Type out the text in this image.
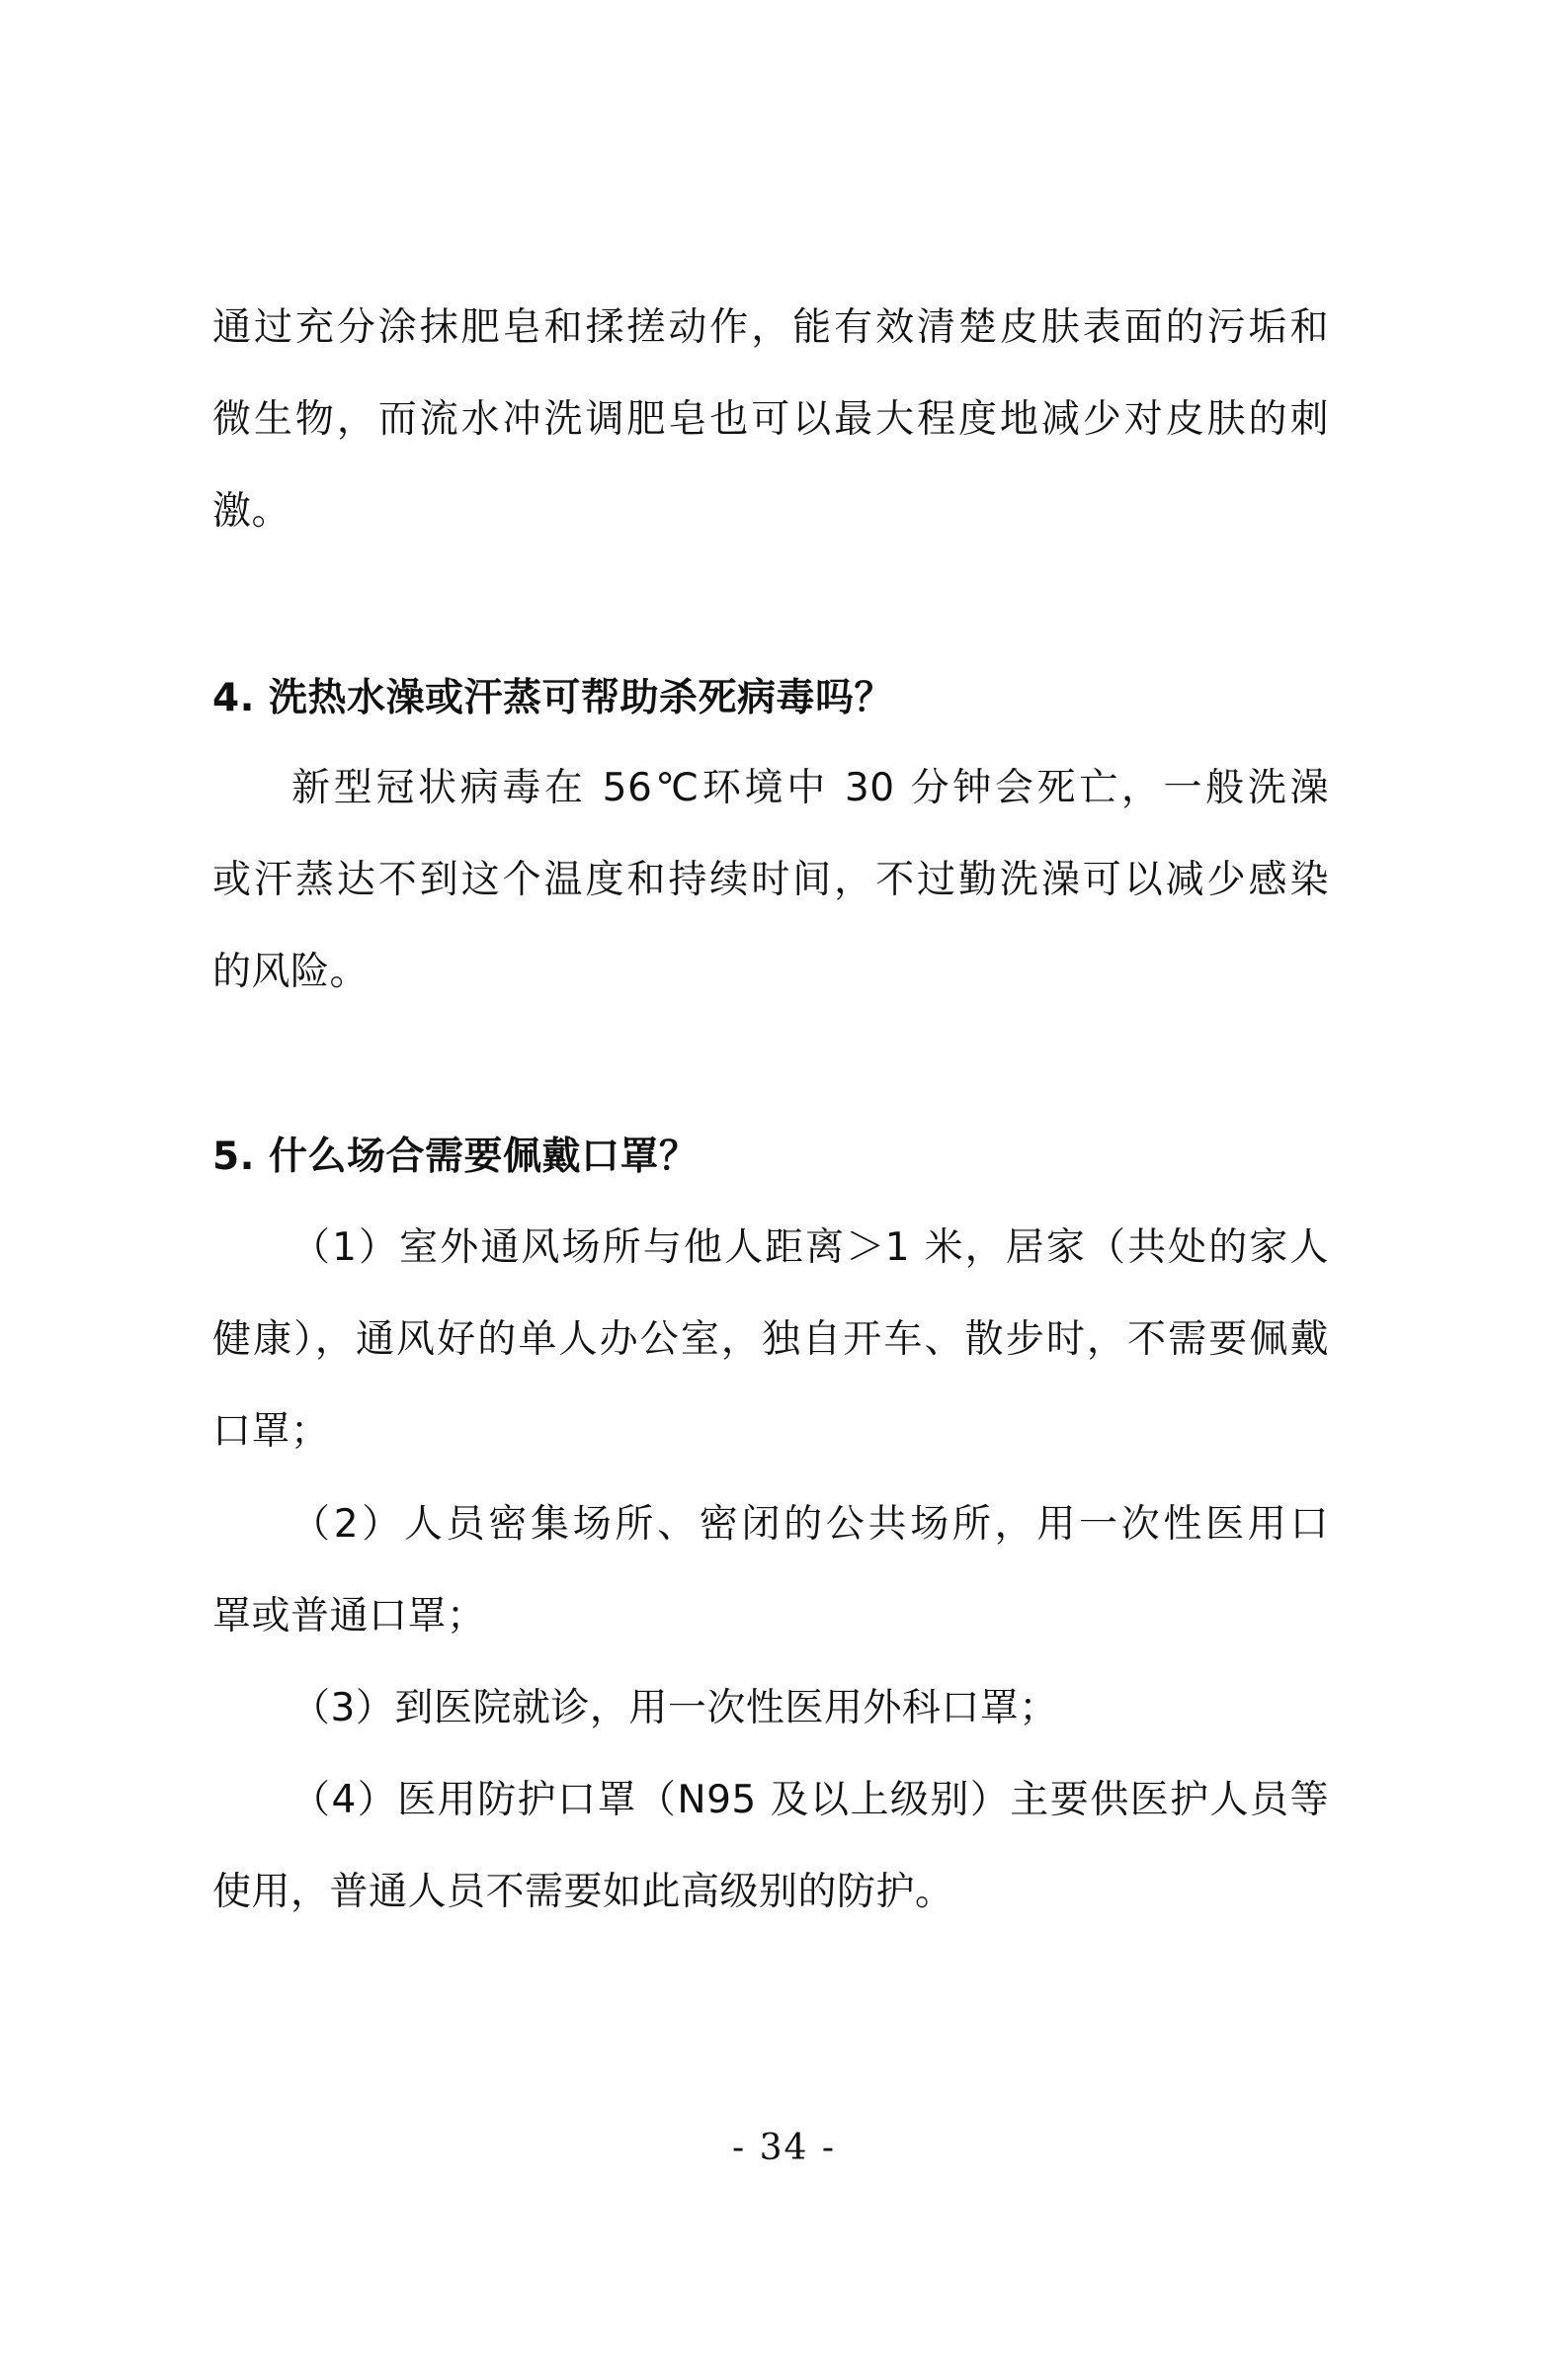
通过充分涂抹肥皂和揉搓动作，能有效清楚皮肤表面的污垢和
微生物，而流水冲洗调肥皂也可以最大程度地减少对皮肤的刺
激。
4. 洗热水澡或汗蒸可帮助杀死病毒吗？
新型冠状病毒在 56℃环境中 30 分钟会死亡，一般洗澡
或汗蒸达不到这个温度和持续时间，不过勤洗澡可以减少感染
的风险。
5. 什么场合需要佩戴口罩？
（1）室外通风场所与他人距离＞1 米，居家（共处的家人
健康），通风好的单人办公室，独自开车、散步时，不需要佩戴
口罩；
（2）人员密集场所、密闭的公共场所，用一次性医用口
罩或普通口罩；
（3）到医院就诊，用一次性医用外科口罩；
（4）医用防护口罩（N95 及以上级别）主要供医护人员等
使用，普通人员不需要如此高级别的防护。
- 34 -
